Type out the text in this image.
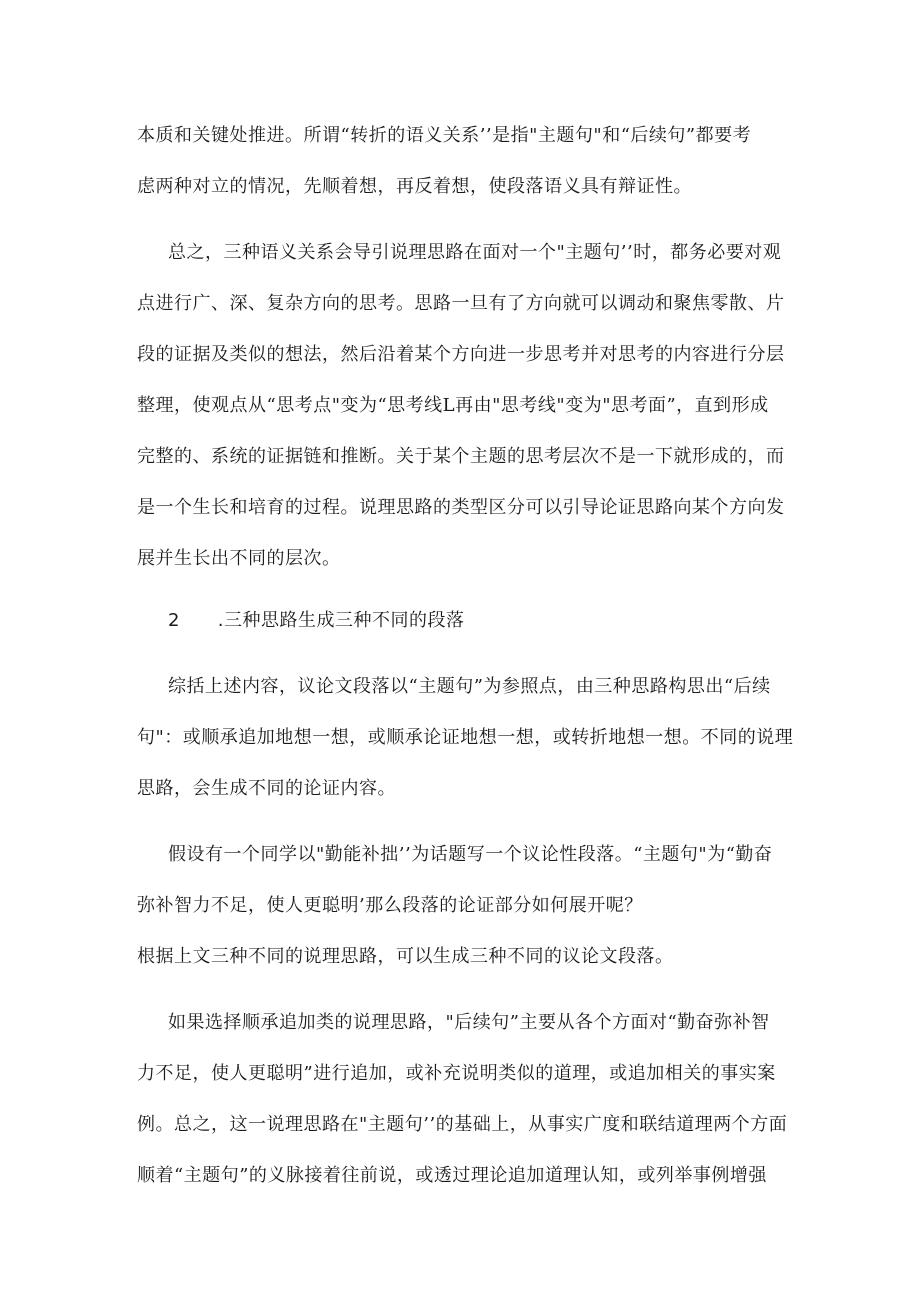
本质和关键处推进。所谓“转折的语义关系’’是指"主题句"和“后续句”都要考
虑两种对立的情况，先顺着想，再反着想，使段落语义具有辩证性。
总之，三种语义关系会导引说理思路在面对一个"主题句’’时，都务必要对观
点进行广、深、复杂方向的思考。思路一旦有了方向就可以调动和聚焦零散、片
段的证据及类似的想法，然后沿着某个方向进一步思考并对思考的内容进行分层
整理，使观点从“思考点"变为“思考线L再由"思考线"变为"思考面”，直到形成
完整的、系统的证据链和推断。关于某个主题的思考层次不是一下就形成的，而
是一个生长和培育的过程。说理思路的类型区分可以引导论证思路向某个方向发
展并生长出不同的层次。
2	.三种思路生成三种不同的段落
综括上述内容，议论文段落以“主题句”为参照点，由三种思路构思出“后续
句"：或顺承追加地想一想，或顺承论证地想一想，或转折地想一想。不同的说理
思路，会生成不同的论证内容。
假设有一个同学以"勤能补拙’’为话题写一个议论性段落。“主题句"为“勤奋
弥补智力不足，使人更聪明’那么段落的论证部分如何展开呢？
根据上文三种不同的说理思路，可以生成三种不同的议论文段落。
如果选择顺承追加类的说理思路，"后续句”主要从各个方面对“勤奋弥补智
力不足，使人更聪明”进行追加，或补充说明类似的道理，或追加相关的事实案
例。总之，这一说理思路在"主题句’’的基础上，从事实广度和联结道理两个方面
顺着“主题句”的义脉接着往前说，或透过理论追加道理认知，或列举事例增强
